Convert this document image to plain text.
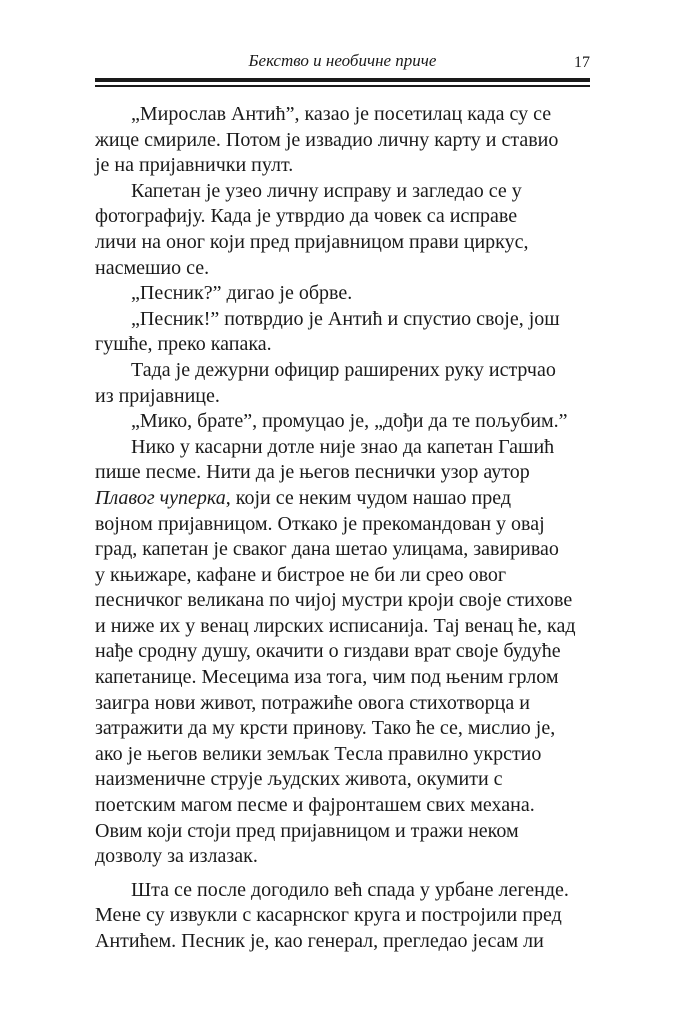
Бекство и необичне приче	17

„Мирослав Антић”, казао је посетилац када су се
жице смириле. Потом је извадио личну карту и ставио
је на пријавнички пулт.

Капетан је узео личну исправу и загледао се у
фотографију. Када је утврдио да човек са исправе
личи на оног који пред пријавницом прави циркус,
насмешио се.

„Песник?” дигао је обрве.

„Песник!” потврдио је Антић и спустио своје, још
гушће, преко капака.

Тада је дежурни официр раширених руку истрчао
из пријавнице.

„Мико, брате”, промуцао је, „дођи да те пољубим.”

Нико у касарни дотле није знао да капетан Гашић
пише песме. Нити да је његов песнички узор аутор
Плавог чуперка, који се неким чудом нашао пред
војном пријавницом. Откако је прекомандован у овај
град, капетан је сваког дана шетао улицама, завиривао
у књижаре, кафане и бистрое не би ли срео овог
песничког великана по чијој мустри кроји своје стихове
и ниже их у венац лирских исписанија. Тај венац ће, кад
нађе сродну душу, окачити о гиздави врат своје будуће
капетанице. Месецима иза тога, чим под њеним грлом
заигра нови живот, потражиће овога стихотворца и
затражити да му крсти принову. Тако ће се, мислио је,
ако је његов велики земљак Тесла правилно укрстио
наизменичне струје људских живота, окумити с
поетским магом песме и фајронташем свих механа.
Овим који стоји пред пријавницом и тражи неком
дозволу за излазак.

Шта се после догодило већ спада у урбане легенде.
Мене су извукли с касарнског круга и постројили пред
Антићем. Песник је, као генерал, прегледао јесам ли
